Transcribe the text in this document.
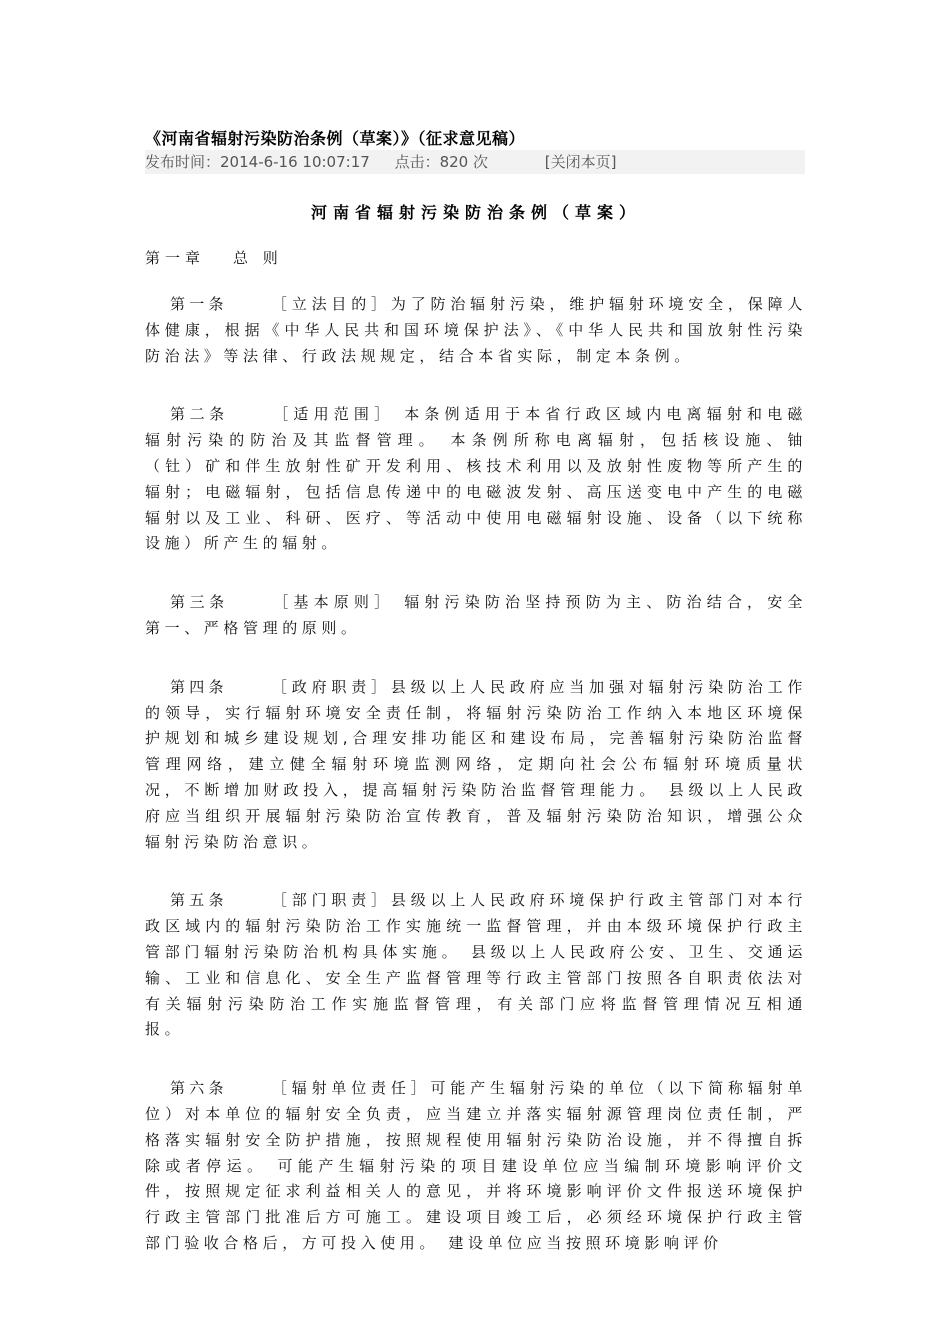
《河南省辐射污染防治条例（草案）》（征求意见稿）
发布时间：2014-6-16 10:07:17 点击：820 次	[关闭本页]
河南省辐射污染防治条例（草案）
第一章 总 则

第一条	［立法目的］为了防治辐射污染，维护辐射环境安全，保障人体健康，根据《中华人民共和国环境保护法》、《中华人民共和国放射性污染防治法》等法律、行政法规规定，结合本省实际，制定本条例。

第二条	［适用范围］ 本条例适用于本省行政区域内电离辐射和电磁辐射污染的防治及其监督管理。 本条例所称电离辐射，包括核设施、铀（钍）矿和伴生放射性矿开发利用、核技术利用以及放射性废物等所产生的辐射；电磁辐射，包括信息传递中的电磁波发射、高压送变电中产生的电磁辐射以及工业、科研、医疗、等活动中使用电磁辐射设施、设备（以下统称设施）所产生的辐射。

第三条	［基本原则］ 辐射污染防治坚持预防为主、防治结合，安全第一、严格管理的原则。

第四条	［政府职责］县级以上人民政府应当加强对辐射污染防治工作的领导，实行辐射环境安全责任制，将辐射污染防治工作纳入本地区环境保护规划和城乡建设规划,合理安排功能区和建设布局，完善辐射污染防治监督管理网络，建立健全辐射环境监测网络，定期向社会公布辐射环境质量状况，不断增加财政投入，提高辐射污染防治监督管理能力。 县级以上人民政府应当组织开展辐射污染防治宣传教育，普及辐射污染防治知识，增强公众辐射污染防治意识。

第五条	［部门职责］县级以上人民政府环境保护行政主管部门对本行政区域内的辐射污染防治工作实施统一监督管理，并由本级环境保护行政主管部门辐射污染防治机构具体实施。 县级以上人民政府公安、卫生、交通运输、工业和信息化、安全生产监督管理等行政主管部门按照各自职责依法对有关辐射污染防治工作实施监督管理，有关部门应将监督管理情况互相通报。

第六条	［辐射单位责任］可能产生辐射污染的单位（以下简称辐射单位）对本单位的辐射安全负责，应当建立并落实辐射源管理岗位责任制，严格落实辐射安全防护措施，按照规程使用辐射污染防治设施，并不得擅自拆除或者停运。 可能产生辐射污染的项目建设单位应当编制环境影响评价文件，按照规定征求利益相关人的意见，并将环境影响评价文件报送环境保护行政主管部门批准后方可施工。建设项目竣工后，必须经环境保护行政主管部门验收合格后，方可投入使用。 建设单位应当按照环境影响评价
